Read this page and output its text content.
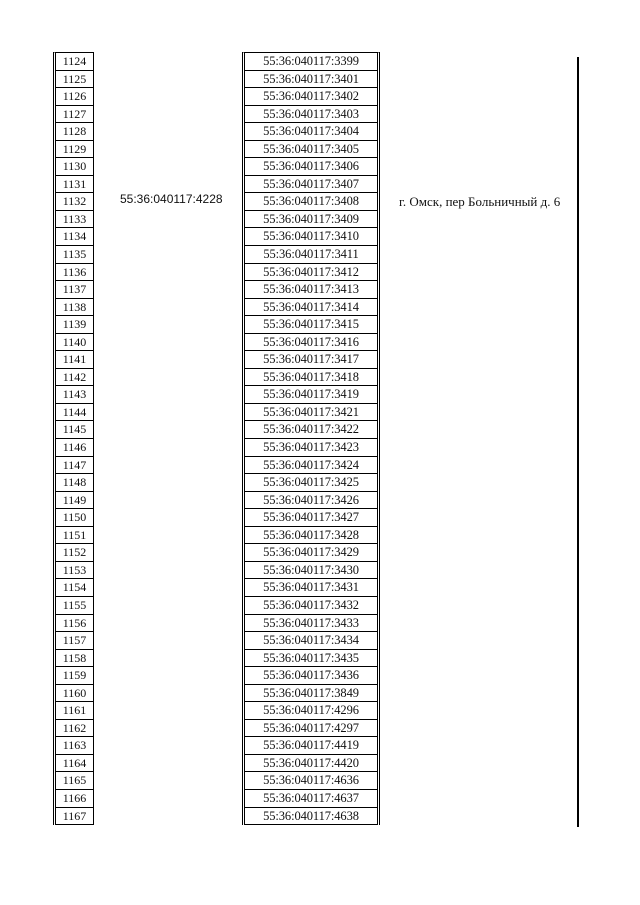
1124
1125
1126
1127
1128
1129
1130
1131
1132
1133
1134
1135
1136
1137
1138
1139
1140
1141
1142
1143
1144
1145
1146
1147
1148
1149
1150
1151
1152
1153
1154
1155
1156
1157
1158
1159
1160
1161
1162
1163
1164
1165
1166
1167
55:36:040117:4228
55:36:040117:3399
55:36:040117:3401
55:36:040117:3402
55:36:040117:3403
55:36:040117:3404
55:36:040117:3405
55:36:040117:3406
55:36:040117:3407
55:36:040117:3408
55:36:040117:3409
55:36:040117:3410
55:36:040117:3411
55:36:040117:3412
55:36:040117:3413
55:36:040117:3414
55:36:040117:3415
55:36:040117:3416
55:36:040117:3417
55:36:040117:3418
55:36:040117:3419
55:36:040117:3421
55:36:040117:3422
55:36:040117:3423
55:36:040117:3424
55:36:040117:3425
55:36:040117:3426
55:36:040117:3427
55:36:040117:3428
55:36:040117:3429
55:36:040117:3430
55:36:040117:3431
55:36:040117:3432
55:36:040117:3433
55:36:040117:3434
55:36:040117:3435
55:36:040117:3436
55:36:040117:3849
55:36:040117:4296
55:36:040117:4297
55:36:040117:4419
55:36:040117:4420
55:36:040117:4636
55:36:040117:4637
55:36:040117:4638
г. Омск, пер Больничный д. 6
